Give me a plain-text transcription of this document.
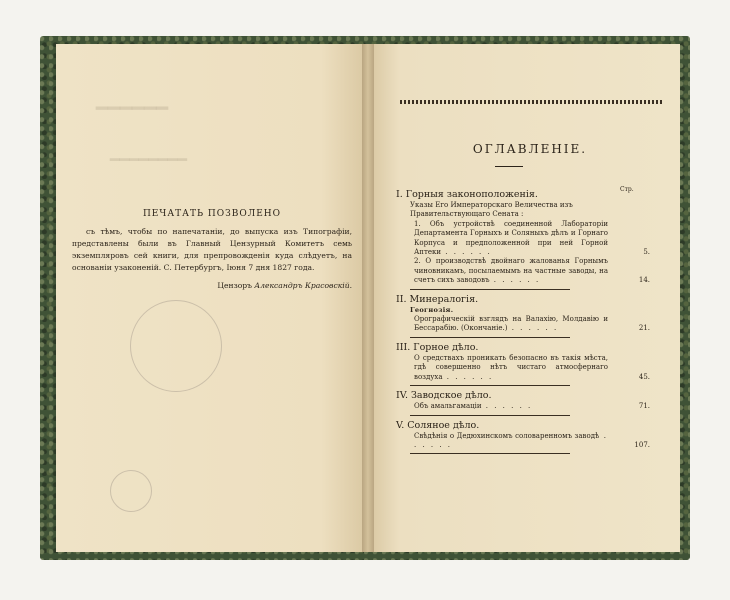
━━━━━━
━━━━━━━━
ПЕЧАТАТЬ ПОЗВОЛЕНО
съ тѣмъ, чтобы по напечатаніи, до выпуска изъ Типографіи, представлены были въ Главный Цензурный Комитетъ семь экземпляровъ сей книги, для препровожденія куда слѣдуетъ, на основаніи узаконеній. С. Петербургъ, Іюня 7 дня 1827 года.
Цензоръ Александръ Красовскій.
ОГЛАВЛЕНІЕ.
Стр.
I. Горныя законоположенія.
Указы Его Императорскаго Величества изъ Правительствующаго Сената :
1. Объ устройствѣ соединенной Лабораторіи Департамента Горныхъ и Соляныхъ дѣлъ и Горнаго Корпуса и предположенной при ней Горной Аптеки . . . . . .	5.
2. О производствѣ двойнаго жалованья Горнымъ чиновникамъ, посылаемымъ на частные заводы, на счетъ сихъ заводовъ . . . . . .	14.
II. Минералогія.
Геогнозія.
Орографическій взглядъ на Валахію, Молдавію и Бессарабію. (Окончаніе.) . . . . . .	21.
III. Горное дѣло.
О средствахъ проникать безопасно въ такія мѣста, гдѣ совершенно нѣтъ чистаго атмосфернаго воздуха . . . . . .	45.
IV. Заводское дѣло.
Объ амальгамаціи . . . . . .	71.
V. Соляное дѣло.
Свѣдѣнія о Дедюхинскомъ соловаренномъ заводѣ . . . . . .	107.
